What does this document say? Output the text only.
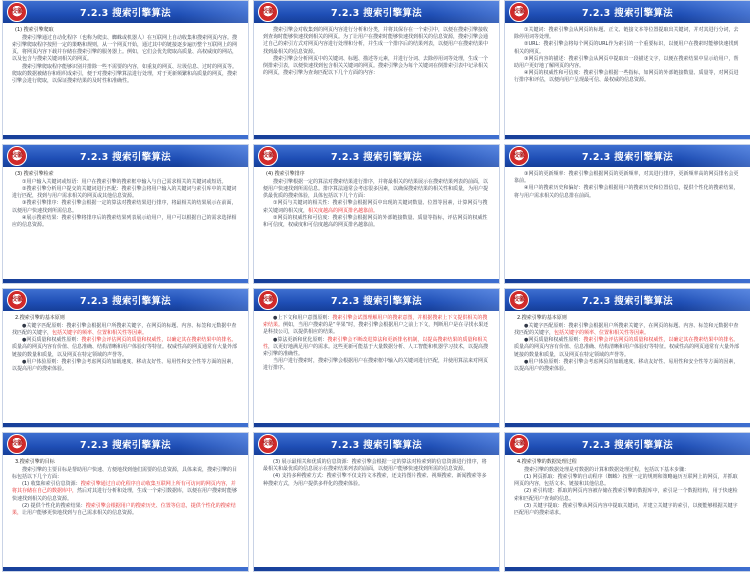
校徽	7.2.3 搜索引擎算法

(1) 搜索引擎爬取

搜索引擎通过自动化程序（也称为爬虫、蜘蛛或机器人）在互联网上自动收集和搜索网页内容。搜索引擎爬取程序按照一定的策略和规则，从一个网页开始，通过其中的链接逐步遍历整个互联网上的网页，将网页内容下载并存储在搜索引擎的服务器上。例如，它们会优先爬取高质量、高权威度的网站，以及包含与搜索关键词相关的网页。

搜索引擎爬取程序能够识别并排除一些不需要的内容，如重复的网页、垃圾信息、过时的网页等。爬取的数据被储存和组织成索引，便于对搜索引擎算法进行处理，对于更新频繁和高质量的网页，搜索引擎会进行爬取，以保证搜索结果的及时性和准确性。

校徽	7.2.3 搜索引擎算法

搜索引擎会对收集到的网页内容进行分析和分类，并将其保存在一个索引中，以便在搜索引擎接收到查询时能够快速找到相关的网页。为了让用户在搜索时能够快速找到相关的信息资源，搜索引擎会通过自己的索引方式对网页内容进行处理和分析，并生成一个排序后的结果列表，以便用户在搜索结果中找到最相关的信息资源。

搜索引擎会分析网页中的关键词、标题、描述等元素，并进行分词、去除停用词等处理，生成一个倒排索引表，以便快速找到包含相关关键词的网页。搜索引擎会为每个关键词在倒排索引表中记录相关的网页，搜索引擎为查询匹配以下几个方面的内容：

校徽	7.2.3 搜索引擎算法

①关键词：搜索引擎会从网页的标题、正文、链接文本等位置提取出关键词，并对其进行分词，去除停用词等处理。

②URL：搜索引擎会将每个网页的URL作为索引的一个重要标识，以便用户在搜索时能够快速找到相关的网页。

③网页内容的描述：搜索引擎会从网页中提取出一段描述文字，以便在搜索结果中显示给用户，帮助用户更好地了解网页的内容。

④网页的权威性和可信度：搜索引擎会根据一些指标，如网页的外部链接数量、质量等，对网页进行排序和评估，以便向用户呈现最可信、最权威的信息资源。

校徽	7.2.3 搜索引擎算法

(3) 搜索引擎检索

①用户输入关键词或短语：用户在搜索引擎的搜索框中输入与自己需求相关的关键词或短语。

②搜索引擎分析用户提交的关键词进行匹配：搜索引擎会将用户输入的关键词与索引库中的关键词进行匹配，找到与用户需求相关的网页或其他信息资源。

③搜索引擎排序：搜索引擎会根据一定的算法对搜索结果进行排序，将最相关的结果展示在前面，以便用户快速找到所需信息。

④展示搜索结果：搜索引擎将排序后的搜索结果列表展示给用户，用户可以根据自己的需求选择相应的信息资源。

校徽	7.2.3 搜索引擎算法

(4) 搜索引擎排序

搜索引擎根据一定的算法对搜索结果进行排序，并将最相关的结果展示在搜索结果列表的前面，以便用户快速找到所需信息。排序算法通常会考虑很多因素，以确保搜索结果的相关性和质量，为用户提供最优质的搜索体验，具体包括以下几个方面：

①网页与关键词的相关性：搜索引擎会根据网页中出现的关键词数量、位置等因素，计算网页与搜索关键词的相关度，相关度越高的网页排名越靠前。

②网页的权威性和可信度：搜索引擎会根据网页的外部链接数量、质量等指标，评估网页的权威性和可信度，权威度和可信度越高的网页排名越靠前。

校徽	7.2.3 搜索引擎算法

③网页的更新频率：搜索引擎会根据网页的更新频率，对其进行排序，更新频率高的网页排名会更靠前。

④用户的搜索历史和偏好：搜索引擎会根据用户的搜索历史和位置信息，提供个性化的搜索结果，将与用户需求相关的信息排在前面。

校徽	7.2.3 搜索引擎算法

2.搜索引擎的基本原则

●关键字匹配原则：搜索引擎会根据用户所搜索关键字，在网页的标题、内容、标签和元数据中查找匹配的关键字，包括关键字的频率、位置和相关性等因素。

●网页质量和权威性原则：搜索引擎会评估网页的质量和权威性，以确定其在搜索结果中的排名。质量高的网页内容有价值、信息准确、结构清晰和用户体验好等特征。权威性高的网页通常有大量外部链接的数量和质量，以及网页在特定领域的声誉等。

●用户体验原则：搜索引擎会考虑网页的加载速度、移动友好性、易用性和安全性等方面的因素，以提高用户的搜索体验。

校徽	7.2.3 搜索引擎算法

●上下文和用户意图原则：搜索引擎会试图理解用户的搜索意图，并根据搜索上下文提供相关的搜索结果。例如，当用户搜索的是“苹果”时，搜索引擎会根据用户之前上下文，判断用户是在寻找水果还是科技公司，以提供相应的结果。

●算法更新和优化原则：搜索引擎会不断改进算法和更新排名机制，以提高搜索结果的质量和相关性，以更好地满足用户的需求。这些更新可能基于大量数据分析、人工智能和机器学习技术，以提高搜索引擎的准确性。

当用户进行搜索时，搜索引擎会根据用户在搜索框中输入的关键词进行匹配，并使用算法来对网页进行排序。

校徽	7.2.3 搜索引擎算法

2.搜索引擎的基本原则

●关键字匹配原则：搜索引擎会根据用户所搜索关键字，在网页的标题、内容、标签和元数据中查找匹配的关键字，包括关键字的频率、位置和相关性等因素。

●网页质量和权威性原则：搜索引擎会评估网页的质量和权威性，以确定其在搜索结果中的排名。质量高的网页内容有价值、信息准确、结构清晰和用户体验好等特征。权威性高的网页通常有大量外部链接的数量和质量，以及网页在特定领域的声誉等。

●用户体验原则：搜索引擎会考虑网页的加载速度、移动友好性、易用性和安全性等方面的因素，以提高用户的搜索体验。

校徽	7.2.3 搜索引擎算法

3.搜索引擎的目标

搜索引擎的主要目标是帮助用户快速、方便地找到他们需要的信息资源，具体来说，搜索引擎的目标包括以下几个方面：

(1) 收集和索引信息资源：搜索引擎通过自动化程序自动收集互联网上所有可访问的网页内容，并将其存储在自己的数据库中，然后对其进行分析和处理，生成一个索引数据库，以便在用户搜索时能够快速找到相关的信息资源。

(2) 提供个性化的搜索结果：搜索引擎会根据用户的搜索历史、位置等信息，提供个性化的搜索结果，让用户能够更快地找到与自己需求相关的信息资源。

校徽	7.2.3 搜索引擎算法

(3) 展示最相关和优质的信息资源：搜索引擎会根据一定的算法对检索到的信息资源进行排序，将最相关和最优质的信息展示在搜索结果列表的前面，以便用户能够快速找到所需的信息资源。

(4) 支持多种搜索方式：搜索引擎不仅支持文本搜索，还支持图片搜索、视频搜索、新闻搜索等多种搜索方式，为用户提供多样化的搜索体验。

校徽	7.2.3 搜索引擎算法

4.搜索引擎的数据处理过程

搜索引擎的数据处理是对数据的计算和数据处理过程，包括以下基本步骤：

(1) 网页抓取：搜索引擎的自动程序（蜘蛛）按照一定的规则和策略遍历互联网上的网页，并抓取网页的内容，包括文本、链接和其他信息。

(2) 索引构建：抓取的网页内容被存储在搜索引擎的数据库中，索引是一个数据结构，用于快速检索和匹配用户查询的信息。

(3) 关键字提取：搜索引擎从网页内容中提取关键词，并建立关键字的索引，以便能够根据关键字匹配用户的搜索请求。
